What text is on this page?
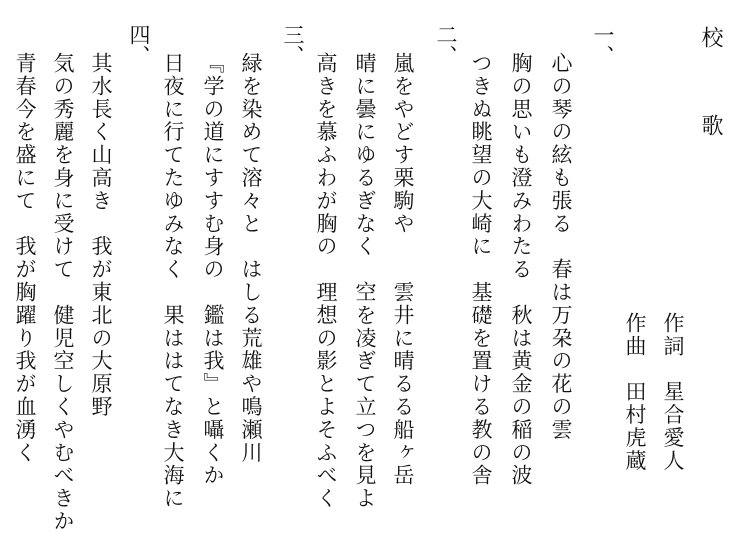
校　　　歌
作詞　星合愛人
作曲　田村虎蔵
一、
心の琴の絃も張る　春は万朶の花の雲
胸の思いも澄みわたる　秋は黄金の稲の波
つきぬ眺望の大崎に　基礎を置ける教の舎
二、
嵐をやどす栗駒や　　雲井に晴るる船ヶ岳
晴に曇にゆるぎなく　空を凌ぎて立つを見よ
高きを慕ふわが胸の　理想の影とよそふべく
三、
緑を染めて溶々と　はしる荒雄や鳴瀬川
『学の道にすすむ身の　鑑は我』と囁くか
日夜に行てたゆみなく　果ははてなき大海に
四、
其水長く山高き　我が東北の大原野
気の秀麗を身に受けて　健児空しくやむべきか
青春今を盛にて　我が胸躍り我が血湧く
